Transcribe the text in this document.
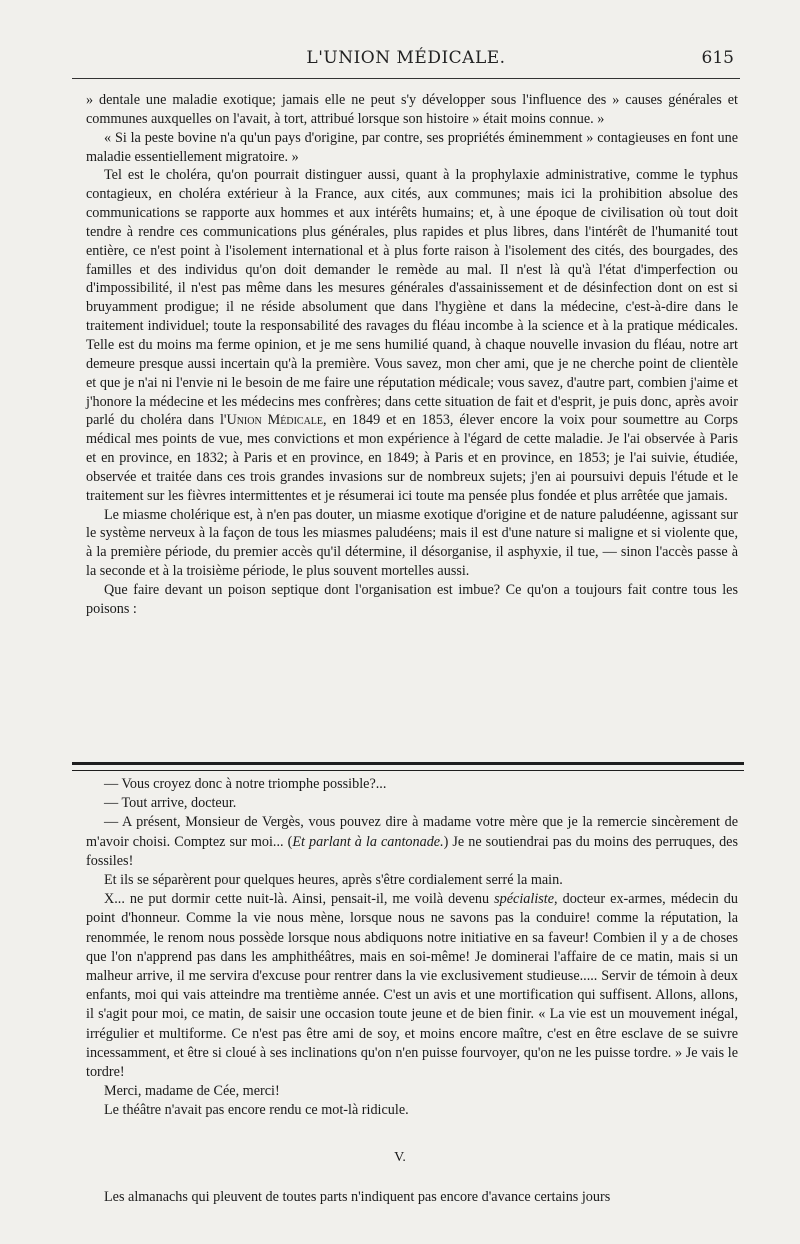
L'UNION MÉDICALE.	615

» dentale une maladie exotique; jamais elle ne peut s'y développer sous l'influence des » causes générales et communes auxquelles on l'avait, à tort, attribué lorsque son histoire » était moins connue. »

« Si la peste bovine n'a qu'un pays d'origine, par contre, ses propriétés éminemment » contagieuses en font une maladie essentiellement migratoire. »

Tel est le choléra, qu'on pourrait distinguer aussi, quant à la prophylaxie administrative, comme le typhus contagieux, en choléra extérieur à la France, aux cités, aux communes; mais ici la prohibition absolue des communications se rapporte aux hommes et aux intérêts humains; et, à une époque de civilisation où tout doit tendre à rendre ces communications plus générales, plus rapides et plus libres, dans l'intérêt de l'humanité tout entière, ce n'est point à l'isolement international et à plus forte raison à l'isolement des cités, des bourgades, des familles et des individus qu'on doit demander le remède au mal. Il n'est là qu'à l'état d'imperfection ou d'impossibilité, il n'est pas même dans les mesures générales d'assainissement et de désinfection dont on est si bruyamment prodigue; il ne réside absolument que dans l'hygiène et dans la médecine, c'est-à-dire dans le traitement individuel; toute la responsabilité des ravages du fléau incombe à la science et à la pratique médicales. Telle est du moins ma ferme opinion, et je me sens humilié quand, à chaque nouvelle invasion du fléau, notre art demeure presque aussi incertain qu'à la première. Vous savez, mon cher ami, que je ne cherche point de clientèle et que je n'ai ni l'envie ni le besoin de me faire une réputation médicale; vous savez, d'autre part, combien j'aime et j'honore la médecine et les médecins mes confrères; dans cette situation de fait et d'esprit, je puis donc, après avoir parlé du choléra dans l'Union Médicale, en 1849 et en 1853, élever encore la voix pour soumettre au Corps médical mes points de vue, mes convictions et mon expérience à l'égard de cette maladie. Je l'ai observée à Paris et en province, en 1832; à Paris et en province, en 1849; à Paris et en province, en 1853; je l'ai suivie, étudiée, observée et traitée dans ces trois grandes invasions sur de nombreux sujets; j'en ai poursuivi depuis l'étude et le traitement sur les fièvres intermittentes et je résumerai ici toute ma pensée plus fondée et plus arrêtée que jamais.

Le miasme cholérique est, à n'en pas douter, un miasme exotique d'origine et de nature paludéenne, agissant sur le système nerveux à la façon de tous les miasmes paludéens; mais il est d'une nature si maligne et si violente que, à la première période, du premier accès qu'il détermine, il désorganise, il asphyxie, il tue, — sinon l'accès passe à la seconde et à la troisième période, le plus souvent mortelles aussi.

Que faire devant un poison septique dont l'organisation est imbue? Ce qu'on a toujours fait contre tous les poisons :

— Vous croyez donc à notre triomphe possible?...

— Tout arrive, docteur.

— A présent, Monsieur de Vergès, vous pouvez dire à madame votre mère que je la remercie sincèrement de m'avoir choisi. Comptez sur moi... (Et parlant à la cantonade.) Je ne soutiendrai pas du moins des perruques, des fossiles!

Et ils se séparèrent pour quelques heures, après s'être cordialement serré la main.

X... ne put dormir cette nuit-là. Ainsi, pensait-il, me voilà devenu spécialiste, docteur ex-armes, médecin du point d'honneur. Comme la vie nous mène, lorsque nous ne savons pas la conduire! comme la réputation, la renommée, le renom nous possède lorsque nous abdiquons notre initiative en sa faveur! Combien il y a de choses que l'on n'apprend pas dans les amphithéâtres, mais en soi-même! Je dominerai l'affaire de ce matin, mais si un malheur arrive, il me servira d'excuse pour rentrer dans la vie exclusivement studieuse..... Servir de témoin à deux enfants, moi qui vais atteindre ma trentième année. C'est un avis et une mortification qui suffisent. Allons, allons, il s'agit pour moi, ce matin, de saisir une occasion toute jeune et de bien finir. « La vie est un mouvement inégal, irrégulier et multiforme. Ce n'est pas être ami de soy, et moins encore maître, c'est en être esclave de se suivre incessamment, et être si cloué à ses inclinations qu'on n'en puisse fourvoyer, qu'on ne les puisse tordre. » Je vais le tordre!

Merci, madame de Cée, merci!

Le théâtre n'avait pas encore rendu ce mot-là ridicule.

V.

Les almanachs qui pleuvent de toutes parts n'indiquent pas encore d'avance certains jours
